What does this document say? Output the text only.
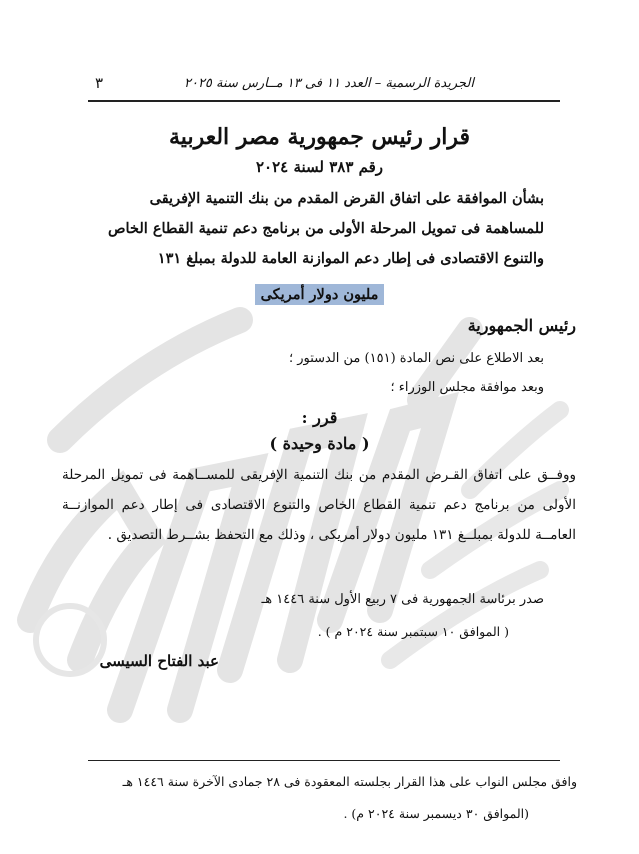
الجريدة الرسمية – العدد ١١ فى ١٣ مــارس سنة ٢٠٢٥
٣
قرار رئيس جمهورية مصر العربية
رقم ٣٨٣ لسنة ٢٠٢٤
بشأن الموافقة على اتفاق القرض المقدم من بنك التنمية الإفريقى
للمساهمة فى تمويل المرحلة الأولى من برنامج دعم تنمية القطاع الخاص
والتنوع الاقتصادى فى إطار دعم الموازنة العامة للدولة بمبلغ ١٣١
مليون دولار أمريكى
رئيس الجمهورية
بعد الاطلاع على نص المادة (١٥١) من الدستور ؛
وبعد موافقة مجلس الوزراء ؛
قرر :
( مادة وحيدة )
ووفــق على اتفاق القـرض المقدم من بنك التنمية الإفريقى للمســاهمة فى تمويل المرحلة الأولى من برنامج دعم تنمية القطاع الخاص والتنوع الاقتصادى فى إطار دعم الموازنــة العامــة للدولة بمبلــغ ١٣١ مليون دولار أمريكى ، وذلك مع التحفظ بشــرط التصديق .
صدر برئاسة الجمهورية فى ٧ ربيع الأول سنة ١٤٤٦ هـ
( الموافق ١٠ سبتمبر سنة ٢٠٢٤ م ) .
عبد الفتاح السيسى
وافق مجلس النواب على هذا القرار بجلسته المعقودة فى ٢٨ جمادى الآخرة سنة ١٤٤٦ هـ
(الموافق ٣٠ ديسمبر سنة ٢٠٢٤ م) .
